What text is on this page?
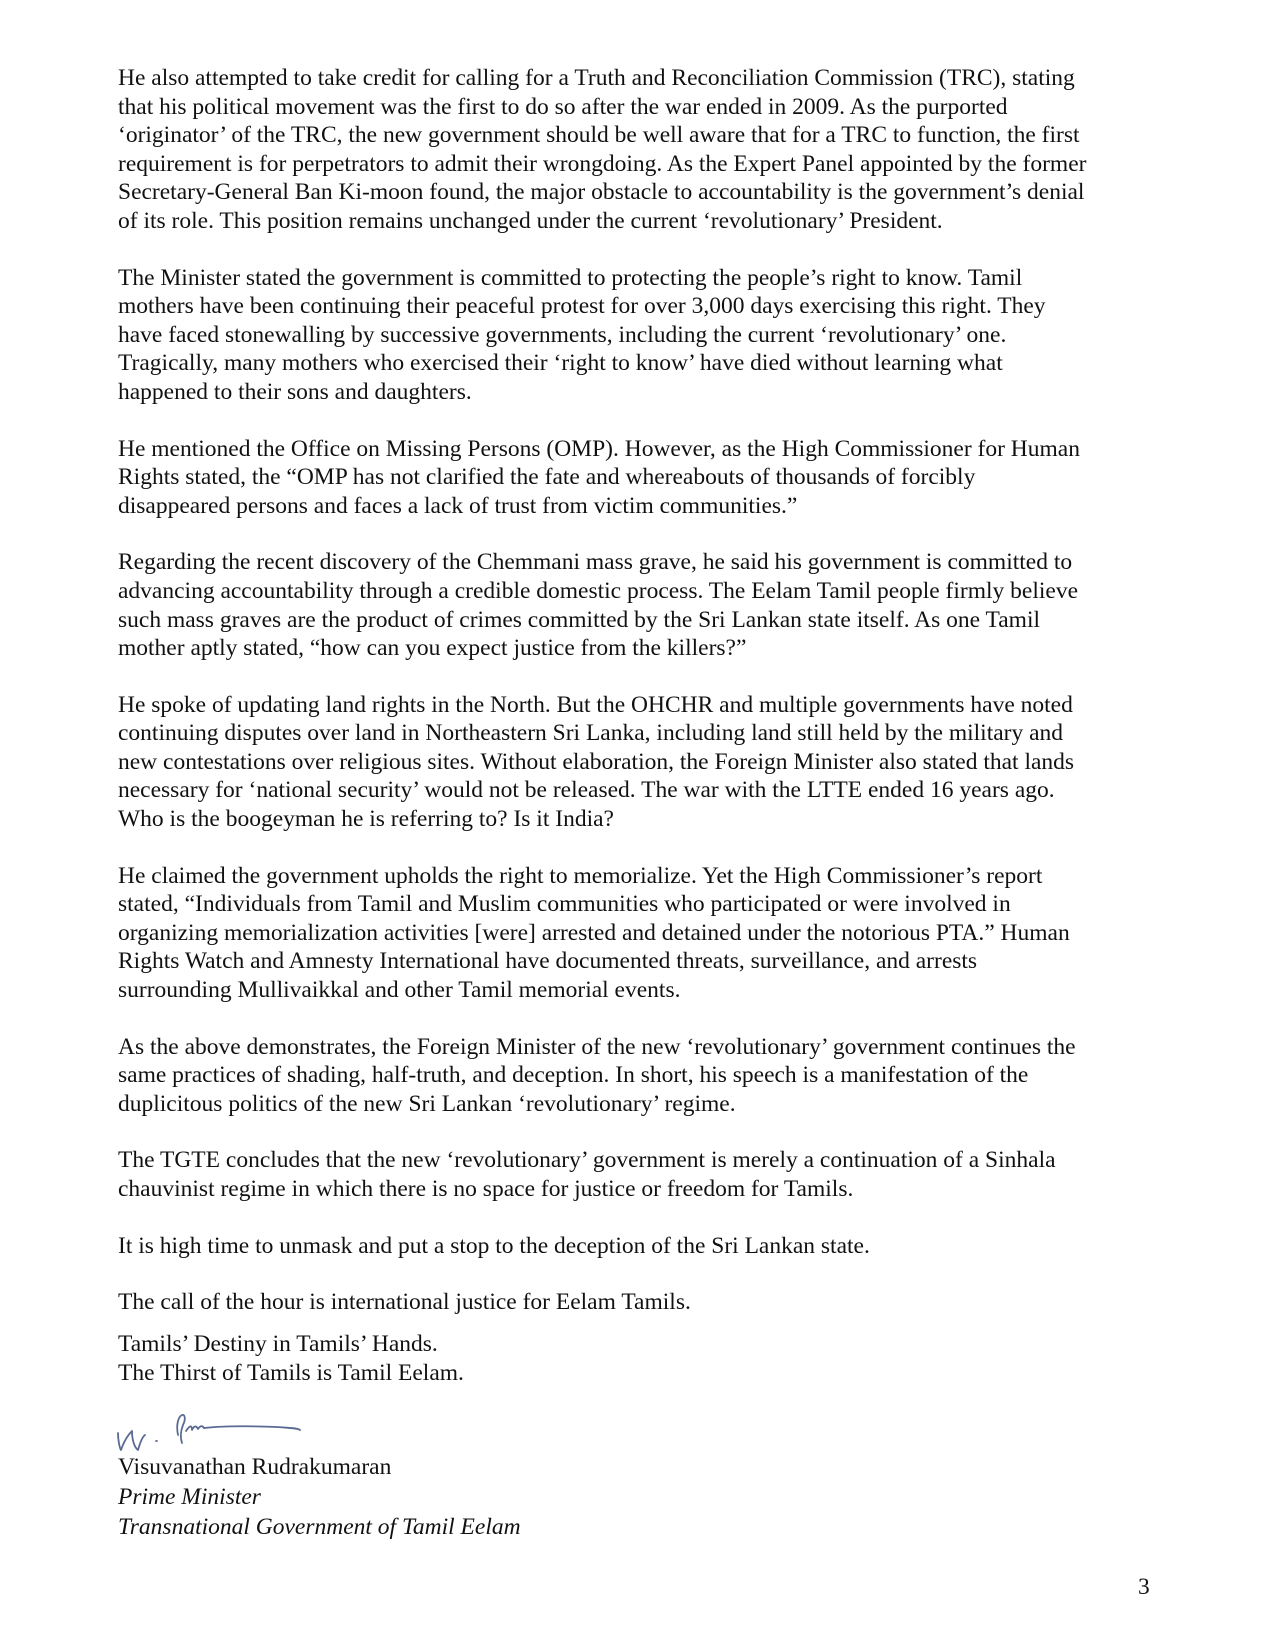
He also attempted to take credit for calling for a Truth and Reconciliation Commission (TRC), stating
that his political movement was the first to do so after the war ended in 2009. As the purported
‘originator’ of the TRC, the new government should be well aware that for a TRC to function, the first
requirement is for perpetrators to admit their wrongdoing. As the Expert Panel appointed by the former
Secretary-General Ban Ki-moon found, the major obstacle to accountability is the government’s denial
of its role. This position remains unchanged under the current ‘revolutionary’ President.

The Minister stated the government is committed to protecting the people’s right to know. Tamil
mothers have been continuing their peaceful protest for over 3,000 days exercising this right. They
have faced stonewalling by successive governments, including the current ‘revolutionary’ one.
Tragically, many mothers who exercised their ‘right to know’ have died without learning what
happened to their sons and daughters.

He mentioned the Office on Missing Persons (OMP). However, as the High Commissioner for Human
Rights stated, the “OMP has not clarified the fate and whereabouts of thousands of forcibly
disappeared persons and faces a lack of trust from victim communities.”

Regarding the recent discovery of the Chemmani mass grave, he said his government is committed to
advancing accountability through a credible domestic process. The Eelam Tamil people firmly believe
such mass graves are the product of crimes committed by the Sri Lankan state itself. As one Tamil
mother aptly stated, “how can you expect justice from the killers?”

He spoke of updating land rights in the North. But the OHCHR and multiple governments have noted
continuing disputes over land in Northeastern Sri Lanka, including land still held by the military and
new contestations over religious sites. Without elaboration, the Foreign Minister also stated that lands
necessary for ‘national security’ would not be released. The war with the LTTE ended 16 years ago.
Who is the boogeyman he is referring to? Is it India?

He claimed the government upholds the right to memorialize. Yet the High Commissioner’s report
stated, “Individuals from Tamil and Muslim communities who participated or were involved in
organizing memorialization activities [were] arrested and detained under the notorious PTA.” Human
Rights Watch and Amnesty International have documented threats, surveillance, and arrests
surrounding Mullivaikkal and other Tamil memorial events.

As the above demonstrates, the Foreign Minister of the new ‘revolutionary’ government continues the
same practices of shading, half-truth, and deception. In short, his speech is a manifestation of the
duplicitous politics of the new Sri Lankan ‘revolutionary’ regime.

The TGTE concludes that the new ‘revolutionary’ government is merely a continuation of a Sinhala
chauvinist regime in which there is no space for justice or freedom for Tamils.

It is high time to unmask and put a stop to the deception of the Sri Lankan state.

The call of the hour is international justice for Eelam Tamils.

Tamils’ Destiny in Tamils’ Hands.
The Thirst of Tamils is Tamil Eelam.
Visuvanathan Rudrakumaran
Prime Minister
Transnational Government of Tamil Eelam
3
